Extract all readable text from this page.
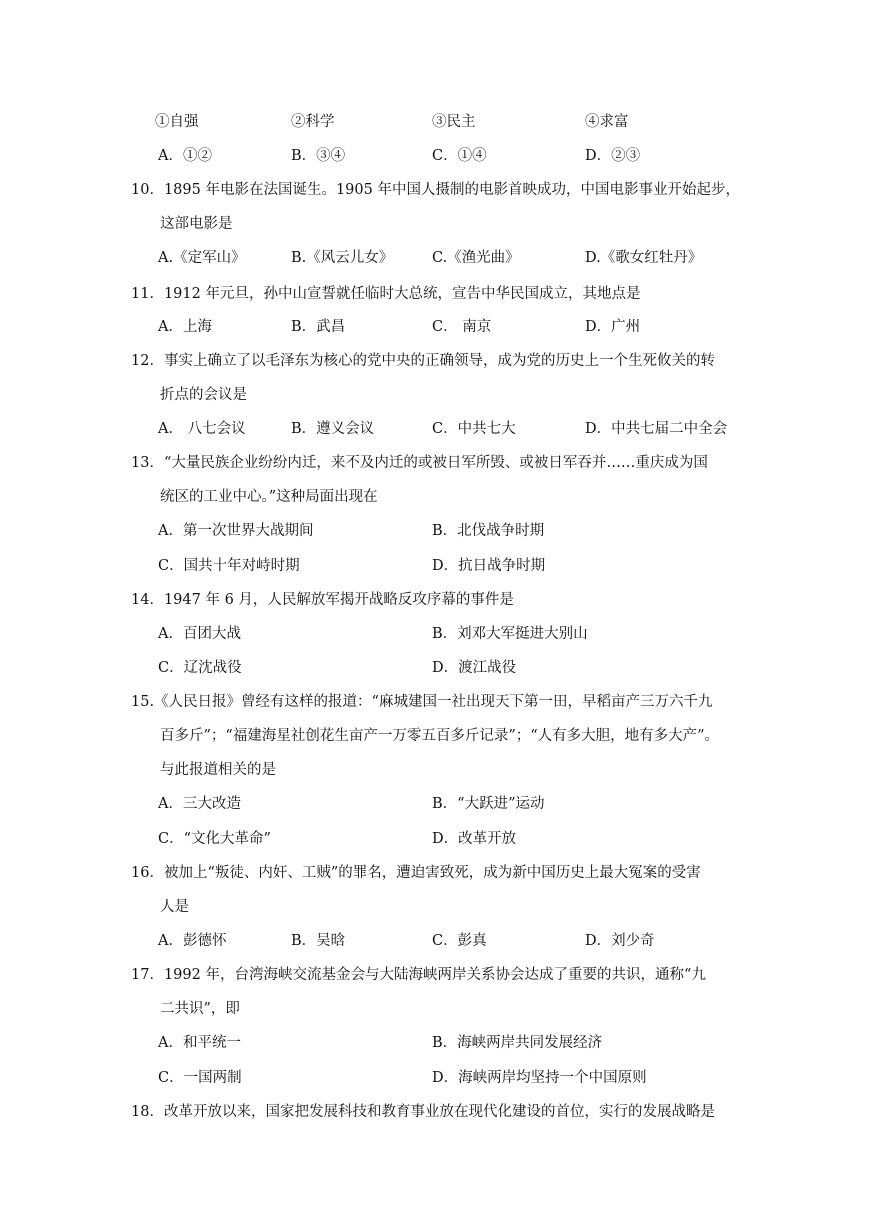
①自强	②科学	③民主	④求富
A．①②	B．③④	C．①④	D．②③
10．1895 年电影在法国诞生。1905 年中国人摄制的电影首映成功，中国电影事业开始起步，
这部电影是
A.《定军山》	B.《风云儿女》	C.《渔光曲》	D.《歌女红牡丹》
11．1912 年元旦，孙中山宣誓就任临时大总统，宣告中华民国成立，其地点是
A．上海	B．武昌	C． 南京	D．广州
12．事实上确立了以毛泽东为核心的党中央的正确领导，成为党的历史上一个生死攸关的转
折点的会议是
A． 八七会议	B．遵义会议	C．中共七大	D．中共七届二中全会
13．“大量民族企业纷纷内迁，来不及内迁的或被日军所毁、或被日军吞并……重庆成为国
统区的工业中心。”这种局面出现在
A．第一次世界大战期间	B．北伐战争时期
C．国共十年对峙时期	D．抗日战争时期
14．1947 年 6 月，人民解放军揭开战略反攻序幕的事件是
A．百团大战	B．刘邓大军挺进大别山
C．辽沈战役	D．渡江战役
15.《人民日报》曾经有这样的报道：“麻城建国一社出现天下第一田，早稻亩产三万六千九
百多斤”；“福建海星社创花生亩产一万零五百多斤记录”；“人有多大胆，地有多大产”。
与此报道相关的是
A．三大改造	B．“大跃进”运动
C．“文化大革命”	D．改革开放
16．被加上“叛徒、内奸、工贼”的罪名，遭迫害致死，成为新中国历史上最大冤案的受害
人是
A．彭德怀	B．吴晗	C．彭真	D．刘少奇
17．1992 年，台湾海峡交流基金会与大陆海峡两岸关系协会达成了重要的共识，通称“九
二共识”，即
A．和平统一	B．海峡两岸共同发展经济
C．一国两制	D．海峡两岸均坚持一个中国原则
18．改革开放以来，国家把发展科技和教育事业放在现代化建设的首位，实行的发展战略是
